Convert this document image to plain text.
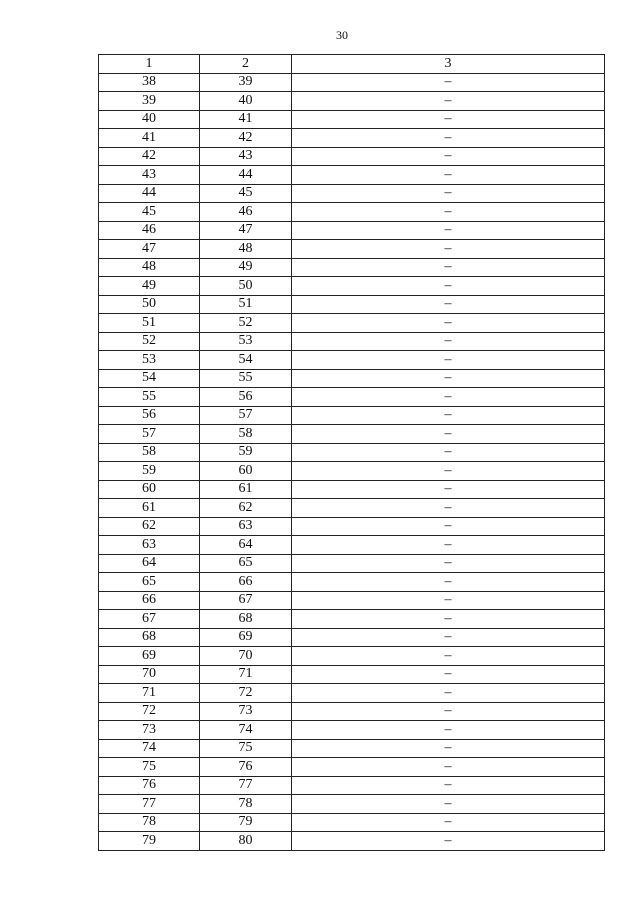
30
1	2	3
38	39	–
39	40	–
40	41	–
41	42	–
42	43	–
43	44	–
44	45	–
45	46	–
46	47	–
47	48	–
48	49	–
49	50	–
50	51	–
51	52	–
52	53	–
53	54	–
54	55	–
55	56	–
56	57	–
57	58	–
58	59	–
59	60	–
60	61	–
61	62	–
62	63	–
63	64	–
64	65	–
65	66	–
66	67	–
67	68	–
68	69	–
69	70	–
70	71	–
71	72	–
72	73	–
73	74	–
74	75	–
75	76	–
76	77	–
77	78	–
78	79	–
79	80	–
